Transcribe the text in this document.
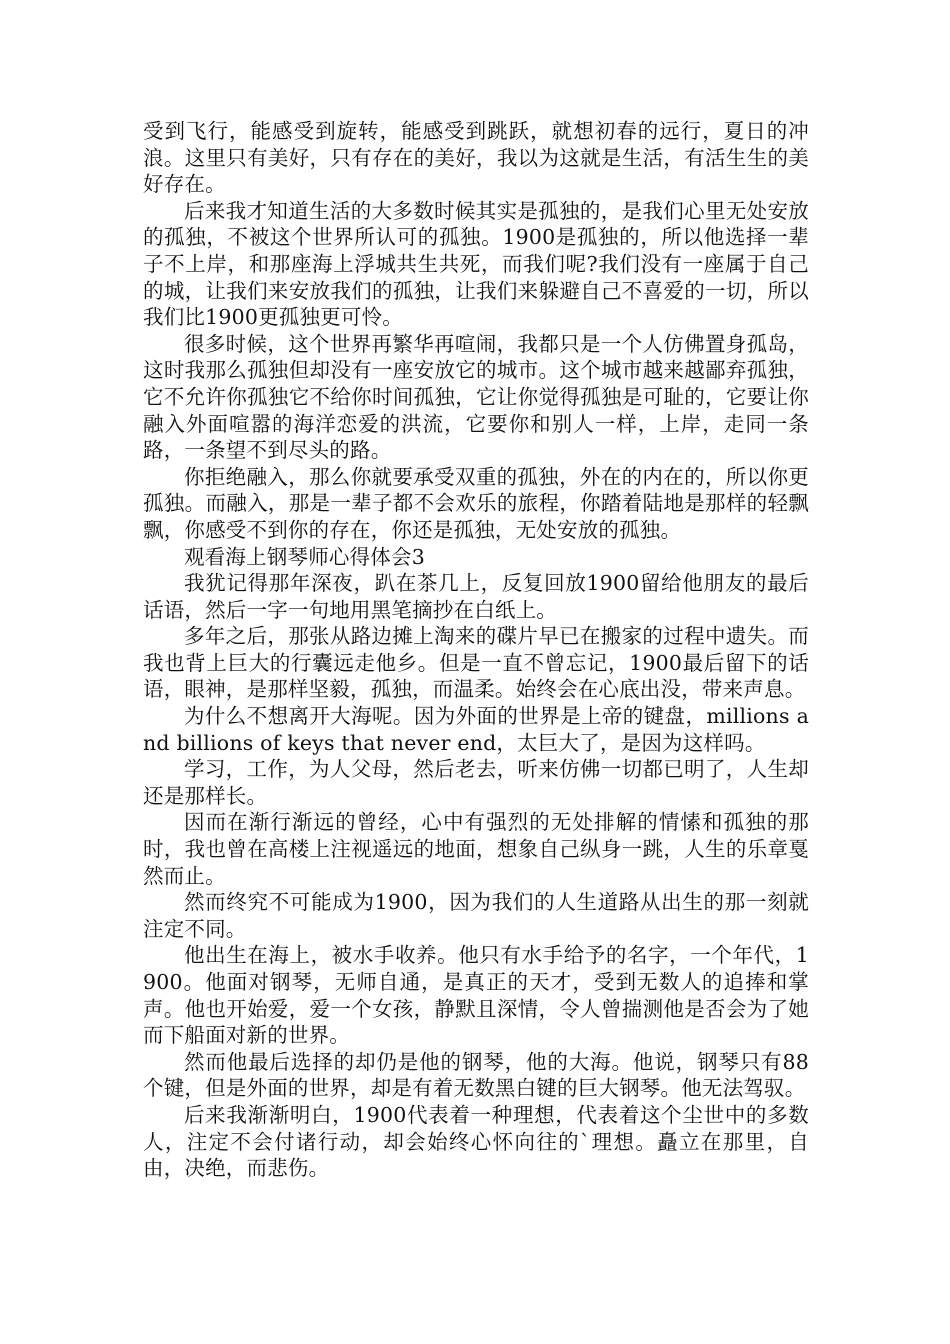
受到飞行，能感受到旋转，能感受到跳跃，就想初春的远行，夏日的冲浪。这里只有美好，只有存在的美好，我以为这就是生活，有活生生的美好存在。

后来我才知道生活的大多数时候其实是孤独的，是我们心里无处安放的孤独，不被这个世界所认可的孤独。1900是孤独的，所以他选择一辈子不上岸，和那座海上浮城共生共死，而我们呢?我们没有一座属于自己的城，让我们来安放我们的孤独，让我们来躲避自己不喜爱的一切，所以我们比1900更孤独更可怜。

很多时候，这个世界再繁华再喧闹，我都只是一个人仿佛置身孤岛，这时我那么孤独但却没有一座安放它的城市。这个城市越来越鄙弃孤独，它不允许你孤独它不给你时间孤独，它让你觉得孤独是可耻的，它要让你融入外面喧嚣的海洋恋爱的洪流，它要你和别人一样，上岸，走同一条路，一条望不到尽头的路。

你拒绝融入，那么你就要承受双重的孤独，外在的内在的，所以你更孤独。而融入，那是一辈子都不会欢乐的旅程，你踏着陆地是那样的轻飘飘，你感受不到你的存在，你还是孤独，无处安放的孤独。

观看海上钢琴师心得体会3

我犹记得那年深夜，趴在茶几上，反复回放1900留给他朋友的最后话语，然后一字一句地用黑笔摘抄在白纸上。

多年之后，那张从路边摊上淘来的碟片早已在搬家的过程中遗失。而我也背上巨大的行囊远走他乡。但是一直不曾忘记，1900最后留下的话语，眼神，是那样坚毅，孤独，而温柔。始终会在心底出没，带来声息。

为什么不想离开大海呢。因为外面的世界是上帝的键盘，millions and billions of keys that never end，太巨大了，是因为这样吗。

学习，工作，为人父母，然后老去，听来仿佛一切都已明了，人生却还是那样长。

因而在渐行渐远的曾经，心中有强烈的无处排解的情愫和孤独的那时，我也曾在高楼上注视遥远的地面，想象自己纵身一跳，人生的乐章戛然而止。

然而终究不可能成为1900，因为我们的人生道路从出生的那一刻就注定不同。

他出生在海上，被水手收养。他只有水手给予的名字，一个年代，1900。他面对钢琴，无师自通，是真正的天才，受到无数人的追捧和掌声。他也开始爱，爱一个女孩，静默且深情，令人曾揣测他是否会为了她而下船面对新的世界。

然而他最后选择的却仍是他的钢琴，他的大海。他说，钢琴只有88个键，但是外面的世界，却是有着无数黑白键的巨大钢琴。他无法驾驭。

后来我渐渐明白，1900代表着一种理想，代表着这个尘世中的多数人，注定不会付诸行动，却会始终心怀向往的`理想。矗立在那里，自由，决绝，而悲伤。
